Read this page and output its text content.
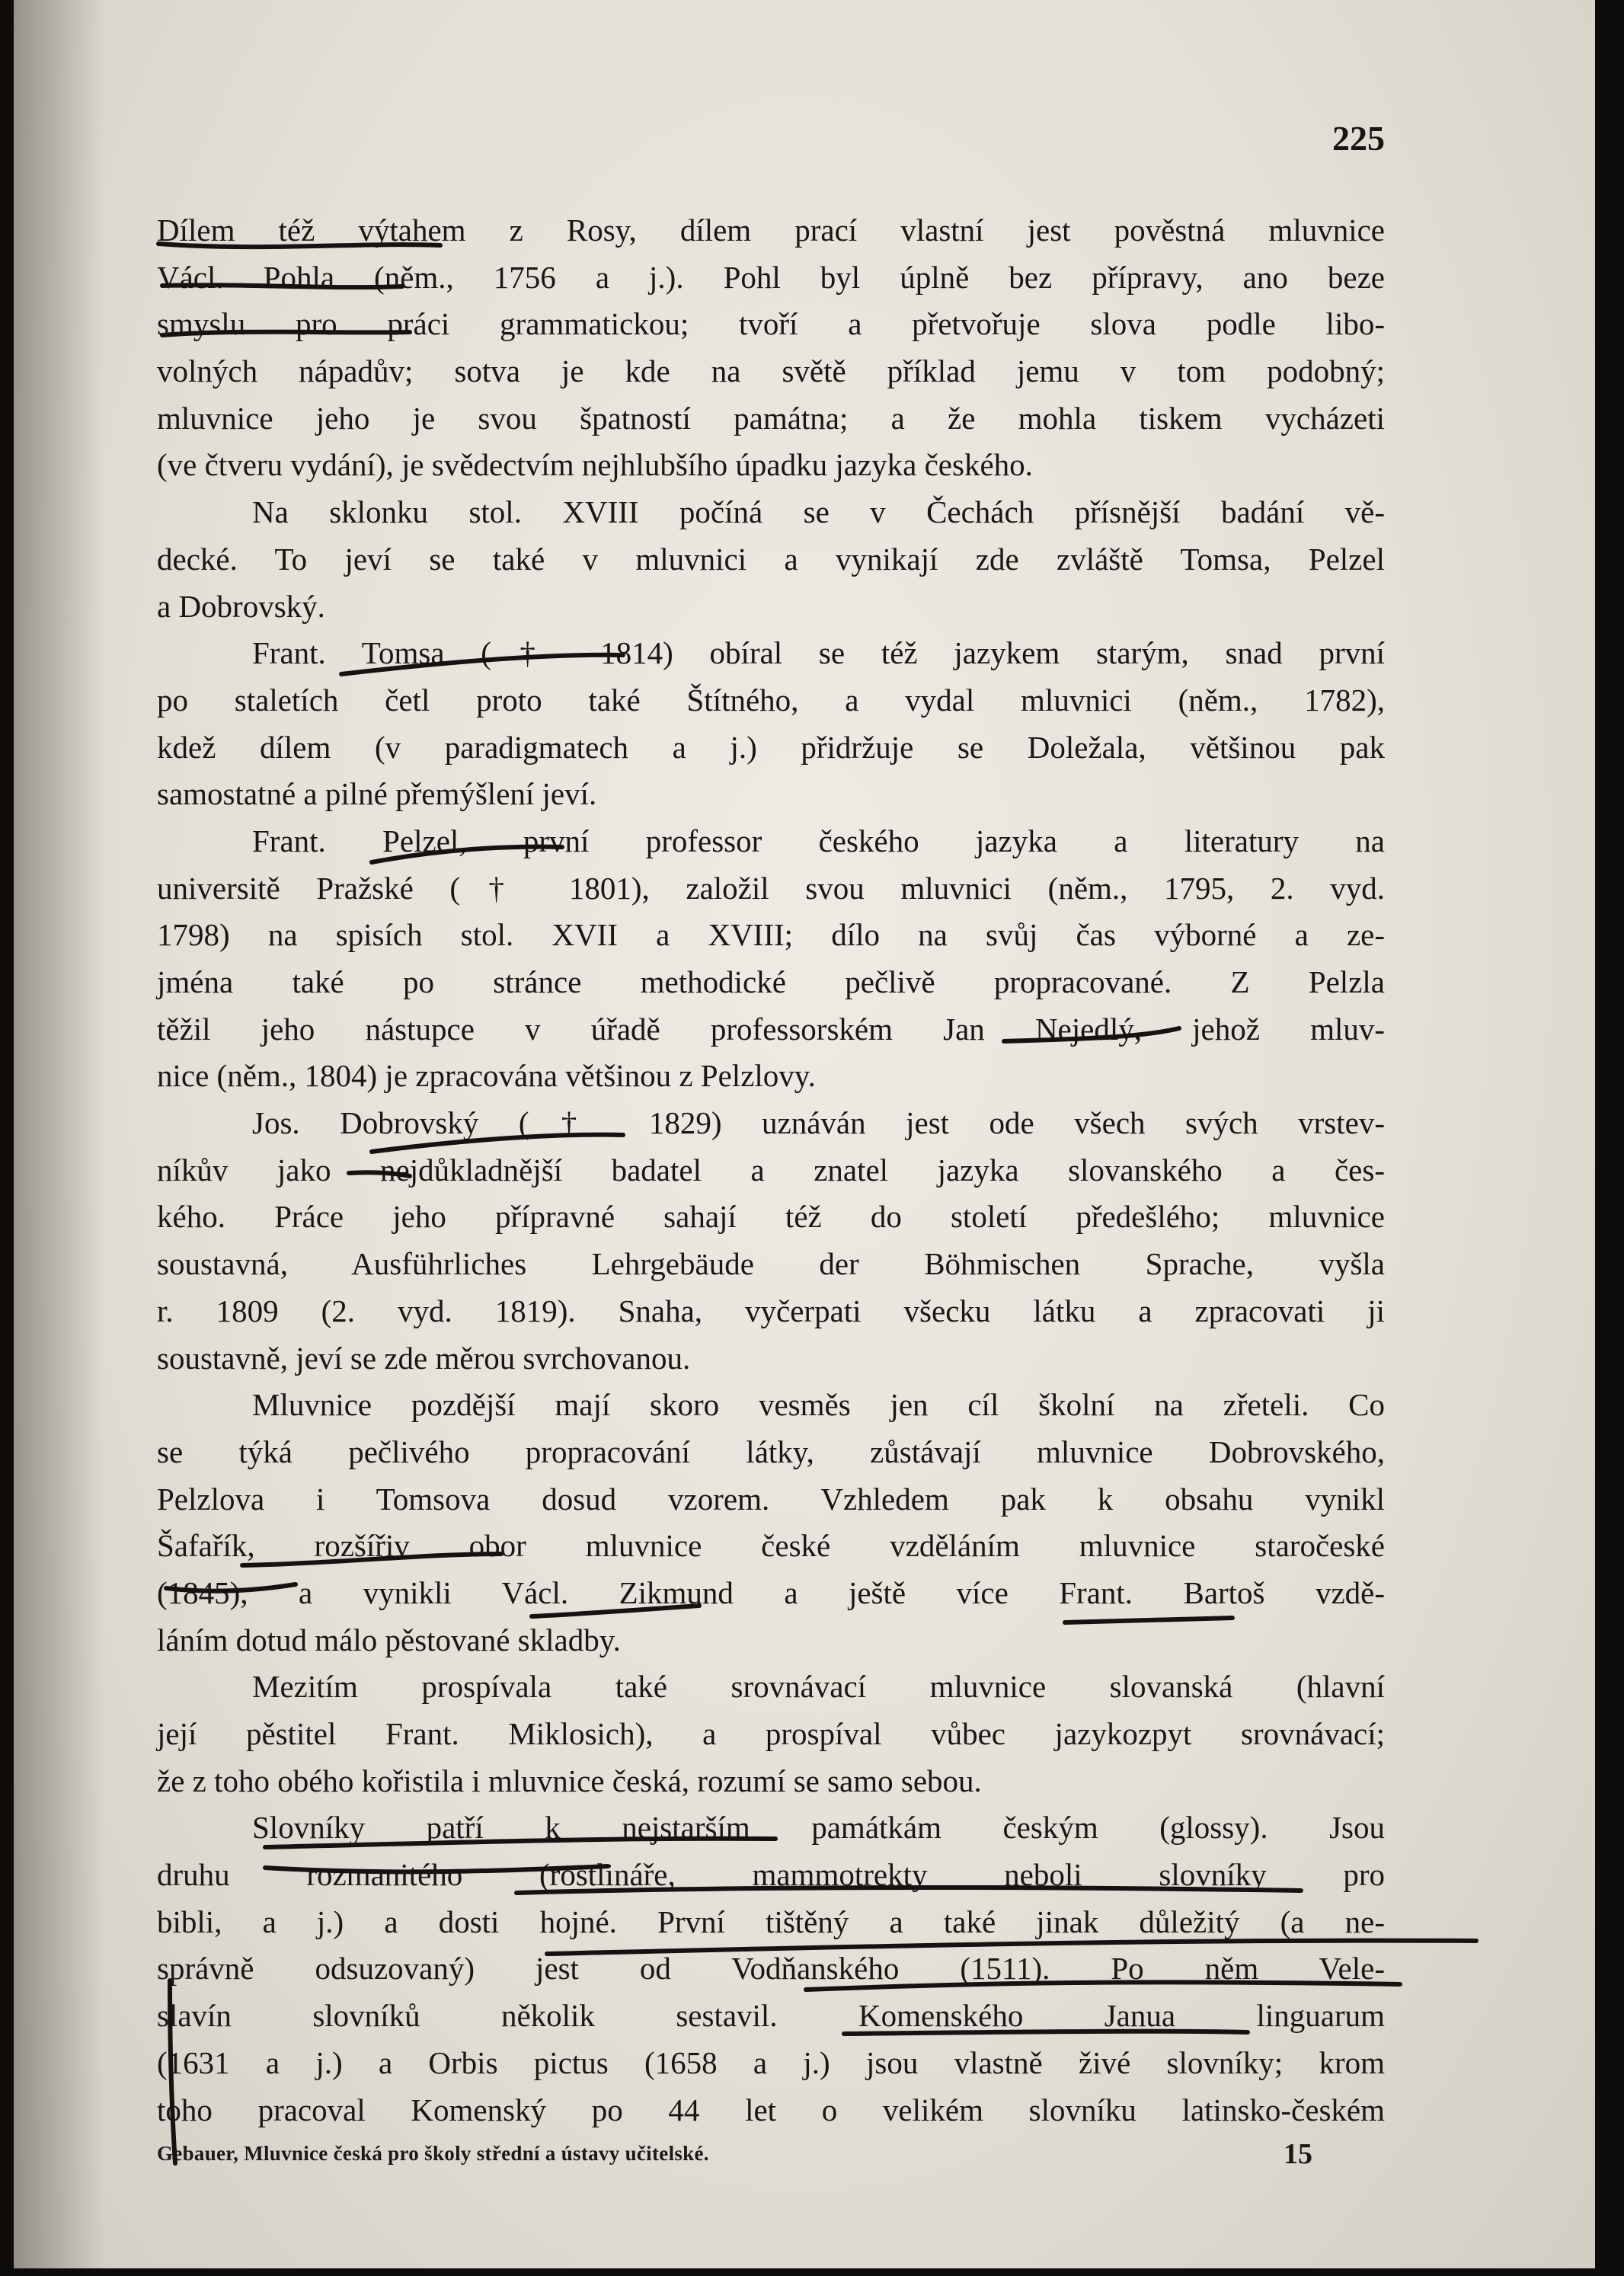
225
Dílem též výtahem z Rosy, dílem prací vlastní jest pověstná mluvnice
Václ. Pohla (něm., 1756 a j.). Pohl byl úplně bez přípravy, ano beze
smyslu pro práci grammatickou; tvoří a přetvořuje slova podle libo-
volných nápadův; sotva je kde na světě příklad jemu v tom podobný;
mluvnice jeho je svou špatností památna; a že mohla tiskem vycházeti
(ve čtveru vydání), je svědectvím nejhlubšího úpadku jazyka českého.
Na sklonku stol. XVIII počíná se v Čechách přísnější badání vě-
decké. To jeví se také v mluvnici a vynikají zde zvláště Tomsa, Pelzel
a Dobrovský.
Frant. Tomsa († 1814) obíral se též jazykem starým, snad první
po staletích četl proto také Štítného, a vydal mluvnici (něm., 1782),
kdež dílem (v paradigmatech a j.) přidržuje se Doležala, většinou pak
samostatné a pilné přemýšlení jeví.
Frant. Pelzel, první professor českého jazyka a literatury na
universitě Pražské († 1801), založil svou mluvnici (něm., 1795, 2. vyd.
1798) na spisích stol. XVII a XVIII; dílo na svůj čas výborné a ze-
jména také po stránce methodické pečlivě propracované. Z Pelzla
těžil jeho nástupce v úřadě professorském Jan Nejedlý, jehož mluv-
nice (něm., 1804) je zpracována většinou z Pelzlovy.
Jos. Dobrovský († 1829) uznáván jest ode všech svých vrstev-
níkův jako nejdůkladnější badatel a znatel jazyka slovanského a čes-
kého. Práce jeho přípravné sahají též do století předešlého; mluvnice
soustavná, Ausführliches Lehrgebäude der Böhmischen Sprache, vyšla
r. 1809 (2. vyd. 1819). Snaha, vyčerpati všecku látku a zpracovati ji
soustavně, jeví se zde měrou svrchovanou.
Mluvnice pozdější mají skoro vesměs jen cíl školní na zřeteli. Co
se týká pečlivého propracování látky, zůstávají mluvnice Dobrovského,
Pelzlova i Tomsova dosud vzorem. Vzhledem pak k obsahu vynikl
Šafařík, rozšířiv obor mluvnice české vzděláním mluvnice staročeské
(1845), a vynikli Václ. Zikmund a ještě více Frant. Bartoš vzdě-
láním dotud málo pěstované skladby.
Mezitím prospívala také srovnávací mluvnice slovanská (hlavní
její pěstitel Frant. Miklosich), a prospíval vůbec jazykozpyt srovnávací;
že z toho obého kořistila i mluvnice česká, rozumí se samo sebou.
Slovníky patří k nejstarším památkám českým (glossy). Jsou
druhu rozmanitého (rostlináře, mammotrekty neboli slovníky pro
bibli, a j.) a dosti hojné. První tištěný a také jinak důležitý (a ne-
správně odsuzovaný) jest od Vodňanského (1511). Po něm Vele-
slavín slovníků několik sestavil. Komenského Janua linguarum
(1631 a j.) a Orbis pictus (1658 a j.) jsou vlastně živé slovníky; krom
toho pracoval Komenský po 44 let o velikém slovníku latinsko-českém
Gebauer, Mluvnice česká pro školy střední a ústavy učitelské.	15
